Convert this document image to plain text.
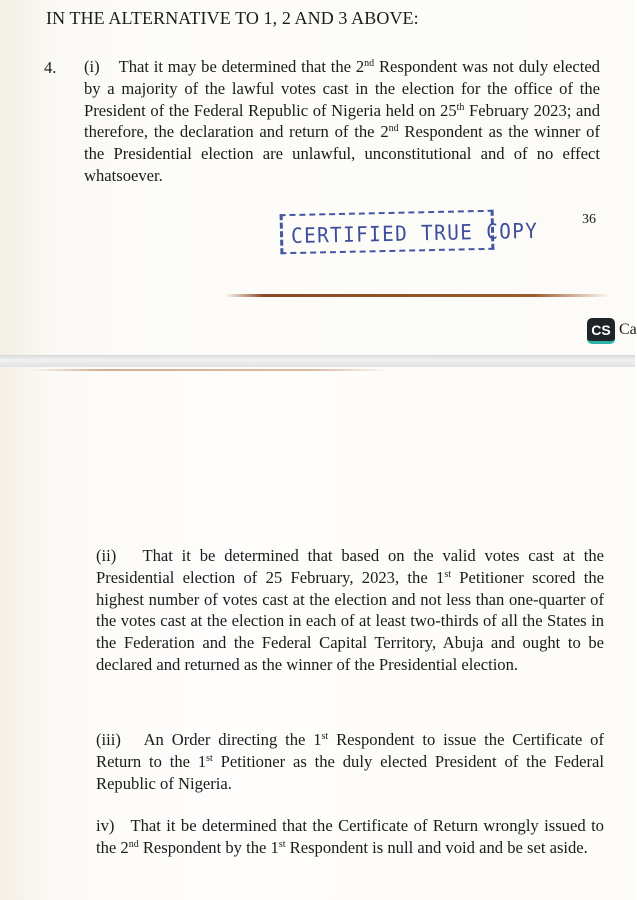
IN THE ALTERNATIVE TO 1, 2 AND 3 ABOVE:
4. (i) That it may be determined that the 2nd Respondent was not duly elected by a majority of the lawful votes cast in the election for the office of the President of the Federal Republic of Nigeria held on 25th February 2023; and therefore, the declaration and return of the 2nd Respondent as the winner of the Presidential election are unlawful, unconstitutional and of no effect whatsoever.
CERTIFIED TRUE COPY	36
CS Ca
(ii) That it be determined that based on the valid votes cast at the Presidential election of 25 February, 2023, the 1st Petitioner scored the highest number of votes cast at the election and not less than one-quarter of the votes cast at the election in each of at least two-thirds of all the States in the Federation and the Federal Capital Territory, Abuja and ought to be declared and returned as the winner of the Presidential election.
(iii) An Order directing the 1st Respondent to issue the Certificate of Return to the 1st Petitioner as the duly elected President of the Federal Republic of Nigeria.
iv) That it be determined that the Certificate of Return wrongly issued to the 2nd Respondent by the 1st Respondent is null and void and be set aside.
